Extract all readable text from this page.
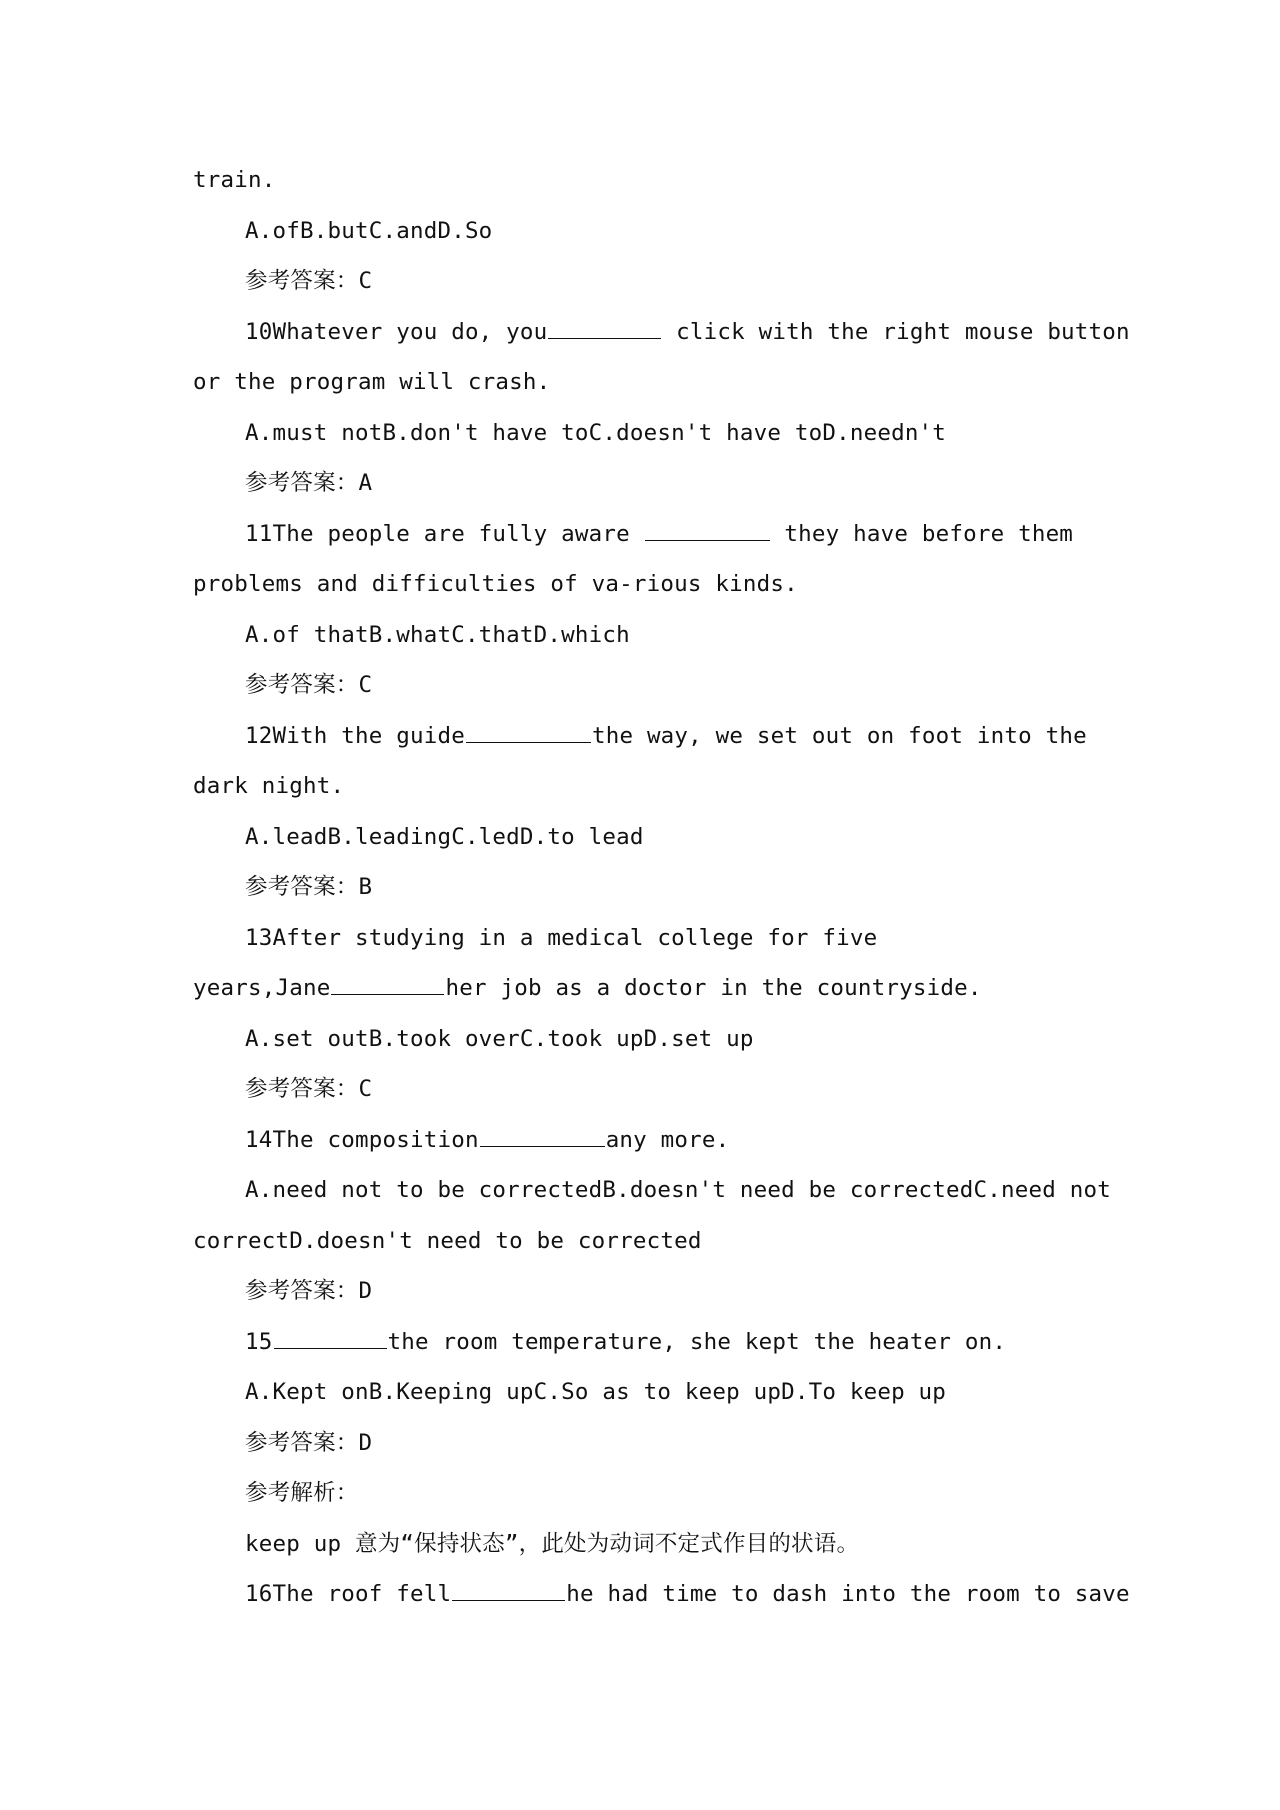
train.
A.ofB.butC.andD.So
参考答案：C
10Whatever you do, you	click with the right mouse button
or the program will crash.
A.must notB.don't have toC.doesn't have toD.needn't
参考答案：A
11The people are fully aware	they have before them
problems and difficulties of va-rious kinds.
A.of thatB.whatC.thatD.which
参考答案：C
12With the guide	the way, we set out on foot into the
dark night.
A.leadB.leadingC.ledD.to lead
参考答案：B
13After studying in a medical college for five
years,Jane	her job as a doctor in the countryside.
A.set outB.took overC.took upD.set up
参考答案：C
14The composition	any more.
A.need not to be correctedB.doesn't need be correctedC.need not
correctD.doesn't need to be corrected
参考答案：D
15	the room temperature, she kept the heater on.
A.Kept onB.Keeping upC.So as to keep upD.To keep up
参考答案：D
参考解析：
keep up 意为“保持状态”，此处为动词不定式作目的状语。
16The roof fell	he had time to dash into the room to save
